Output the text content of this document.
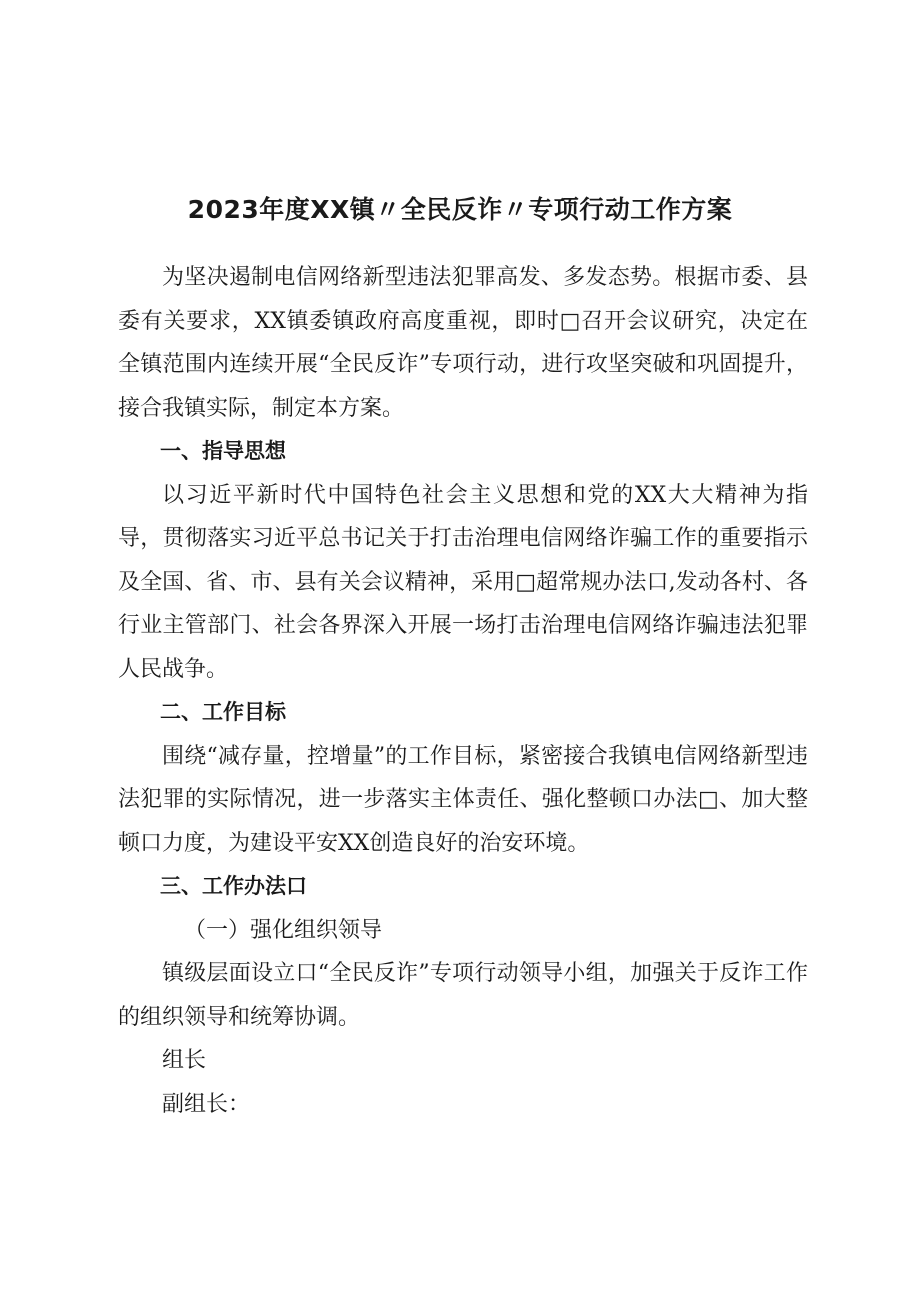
2023年度XX镇〃全民反诈〃专项行动工作方案

为坚决遏制电信网络新型违法犯罪高发、多发态势。根据市委、县委有关要求，XX镇委镇政府高度重视，即时□召开会议研究，决定在全镇范围内连续开展“全民反诈”专项行动，进行攻坚突破和巩固提升，接合我镇实际，制定本方案。

一、指导思想

以习近平新时代中国特色社会主义思想和党的XX大大精神为指导，贯彻落实习近平总书记关于打击治理电信网络诈骗工作的重要指示及全国、省、市、县有关会议精神，采用□超常规办法口,发动各村、各行业主管部门、社会各界深入开展一场打击治理电信网络诈骗违法犯罪人民战争。

二、工作目标

围绕“减存量，控增量”的工作目标，紧密接合我镇电信网络新型违法犯罪的实际情况，进一步落实主体责任、强化整顿口办法□、加大整顿口力度，为建设平安XX创造良好的治安环境。

三、工作办法口

（一）强化组织领导

镇级层面设立口“全民反诈”专项行动领导小组，加强关于反诈工作的组织领导和统筹协调。

组长

副组长：
